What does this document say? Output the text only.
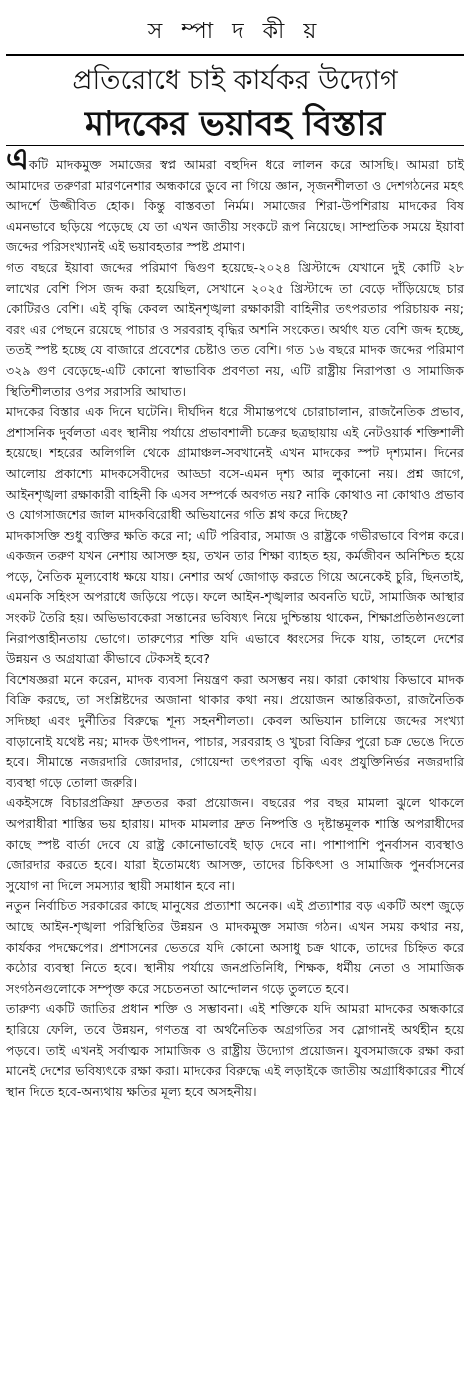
স ম্পা দ কী য়
প্রতিরোধে চাই কার্যকর উদ্যোগ
মাদকের ভয়াবহ বিস্তার

একটি মাদকমুক্ত সমাজের স্বপ্ন আমরা বহুদিন ধরে লালন করে আসছি। আমরা চাই আমাদের তরুণরা মারণনেশার অন্ধকারে ডুবে না গিয়ে জ্ঞান, সৃজনশীলতা ও দেশগঠনের মহৎ আদর্শে উজ্জীবিত হোক। কিন্তু বাস্তবতা নির্মম। সমাজের শিরা-উপশিরায় মাদকের বিষ এমনভাবে ছড়িয়ে পড়েছে যে তা এখন জাতীয় সংকটে রূপ নিয়েছে। সাম্প্রতিক সময়ে ইয়াবা জব্দের পরিসংখ্যানই এই ভয়াবহতার স্পষ্ট প্রমাণ।

গত বছরে ইয়াবা জব্দের পরিমাণ দ্বিগুণ হয়েছে-২০২৪ খ্রিস্টাব্দে যেখানে দুই কোটি ২৮ লাখের বেশি পিস জব্দ করা হয়েছিল, সেখানে ২০২৫ খ্রিস্টাব্দে তা বেড়ে দাঁড়িয়েছে চার কোটিরও বেশি। এই বৃদ্ধি কেবল আইনশৃঙ্খলা রক্ষাকারী বাহিনীর তৎপরতার পরিচায়ক নয়; বরং এর পেছনে রয়েছে পাচার ও সরবরাহ বৃদ্ধির অশনি সংকেত। অর্থাৎ যত বেশি জব্দ হচ্ছে, ততই স্পষ্ট হচ্ছে যে বাজারে প্রবেশের চেষ্টাও তত বেশি। গত ১৬ বছরে মাদক জব্দের পরিমাণ ৩২৯ গুণ বেড়েছে-এটি কোনো স্বাভাবিক প্রবণতা নয়, এটি রাষ্ট্রীয় নিরাপত্তা ও সামাজিক স্থিতিশীলতার ওপর সরাসরি আঘাত।

মাদকের বিস্তার এক দিনে ঘটেনি। দীর্ঘদিন ধরে সীমান্তপথে চোরাচালান, রাজনৈতিক প্রভাব, প্রশাসনিক দুর্বলতা এবং স্থানীয় পর্যায়ে প্রভাবশালী চক্রের ছত্রছায়ায় এই নেটওয়ার্ক শক্তিশালী হয়েছে। শহরের অলিগলি থেকে গ্রামাঞ্চল-সবখানেই এখন মাদকের স্পট দৃশ্যমান। দিনের আলোয় প্রকাশ্যে মাদকসেবীদের আড্ডা বসে-এমন দৃশ্য আর লুকানো নয়। প্রশ্ন জাগে, আইনশৃঙ্খলা রক্ষাকারী বাহিনী কি এসব সম্পর্কে অবগত নয়? নাকি কোথাও না কোথাও প্রভাব ও যোগসাজশের জাল মাদকবিরোধী অভিযানের গতি শ্লথ করে দিচ্ছে?

মাদকাসক্তি শুধু ব্যক্তির ক্ষতি করে না; এটি পরিবার, সমাজ ও রাষ্ট্রকে গভীরভাবে বিপন্ন করে। একজন তরুণ যখন নেশায় আসক্ত হয়, তখন তার শিক্ষা ব্যাহত হয়, কর্মজীবন অনিশ্চিত হয়ে পড়ে, নৈতিক মূল্যবোধ ক্ষয়ে যায়। নেশার অর্থ জোগাড় করতে গিয়ে অনেকেই চুরি, ছিনতাই, এমনকি সহিংস অপরাধে জড়িয়ে পড়ে। ফলে আইন-শৃঙ্খলার অবনতি ঘটে, সামাজিক আস্থার সংকট তৈরি হয়। অভিভাবকেরা সন্তানের ভবিষ্যৎ নিয়ে দুশ্চিন্তায় থাকেন, শিক্ষাপ্রতিষ্ঠানগুলো নিরাপত্তাহীনতায় ভোগে। তারুণ্যের শক্তি যদি এভাবে ধ্বংসের দিকে যায়, তাহলে দেশের উন্নয়ন ও অগ্রযাত্রা কীভাবে টেকসই হবে?

বিশেষজ্ঞরা মনে করেন, মাদক ব্যবসা নিয়ন্ত্রণ করা অসম্ভব নয়। কারা কোথায় কিভাবে মাদক বিক্রি করছে, তা সংশ্লিষ্টদের অজানা থাকার কথা নয়। প্রয়োজন আন্তরিকতা, রাজনৈতিক সদিচ্ছা এবং দুর্নীতির বিরুদ্ধে শূন্য সহনশীলতা। কেবল অভিযান চালিয়ে জব্দের সংখ্যা বাড়ানোই যথেষ্ট নয়; মাদক উৎপাদন, পাচার, সরবরাহ ও খুচরা বিক্রির পুরো চক্র ভেঙে দিতে হবে। সীমান্তে নজরদারি জোরদার, গোয়েন্দা তৎপরতা বৃদ্ধি এবং প্রযুক্তিনির্ভর নজরদারি ব্যবস্থা গড়ে তোলা জরুরি।

একইসঙ্গে বিচারপ্রক্রিয়া দ্রুততর করা প্রয়োজন। বছরের পর বছর মামলা ঝুলে থাকলে অপরাধীরা শাস্তির ভয় হারায়। মাদক মামলার দ্রুত নিষ্পত্তি ও দৃষ্টান্তমূলক শাস্তি অপরাধীদের কাছে স্পষ্ট বার্তা দেবে যে রাষ্ট্র কোনোভাবেই ছাড় দেবে না। পাশাপাশি পুনর্বাসন ব্যবস্থাও জোরদার করতে হবে। যারা ইতোমধ্যে আসক্ত, তাদের চিকিৎসা ও সামাজিক পুনর্বাসনের সুযোগ না দিলে সমস্যার স্থায়ী সমাধান হবে না।

নতুন নির্বাচিত সরকারের কাছে মানুষের প্রত্যাশা অনেক। এই প্রত্যাশার বড় একটি অংশ জুড়ে আছে আইন-শৃঙ্খলা পরিস্থিতির উন্নয়ন ও মাদকমুক্ত সমাজ গঠন। এখন সময় কথার নয়, কার্যকর পদক্ষেপের। প্রশাসনের ভেতরে যদি কোনো অসাধু চক্র থাকে, তাদের চিহ্নিত করে কঠোর ব্যবস্থা নিতে হবে। স্থানীয় পর্যায়ে জনপ্রতিনিধি, শিক্ষক, ধর্মীয় নেতা ও সামাজিক সংগঠনগুলোকে সম্পৃক্ত করে সচেতনতা আন্দোলন গড়ে তুলতে হবে।

তারুণ্য একটি জাতির প্রধান শক্তি ও সম্ভাবনা। এই শক্তিকে যদি আমরা মাদকের অন্ধকারে হারিয়ে ফেলি, তবে উন্নয়ন, গণতন্ত্র বা অর্থনৈতিক অগ্রগতির সব স্লোগানই অর্থহীন হয়ে পড়বে। তাই এখনই সর্বাত্মক সামাজিক ও রাষ্ট্রীয় উদ্যোগ প্রয়োজন। যুবসমাজকে রক্ষা করা মানেই দেশের ভবিষ্যৎকে রক্ষা করা। মাদকের বিরুদ্ধে এই লড়াইকে জাতীয় অগ্রাধিকারের শীর্ষে স্থান দিতে হবে-অন্যথায় ক্ষতির মূল্য হবে অসহনীয়।
